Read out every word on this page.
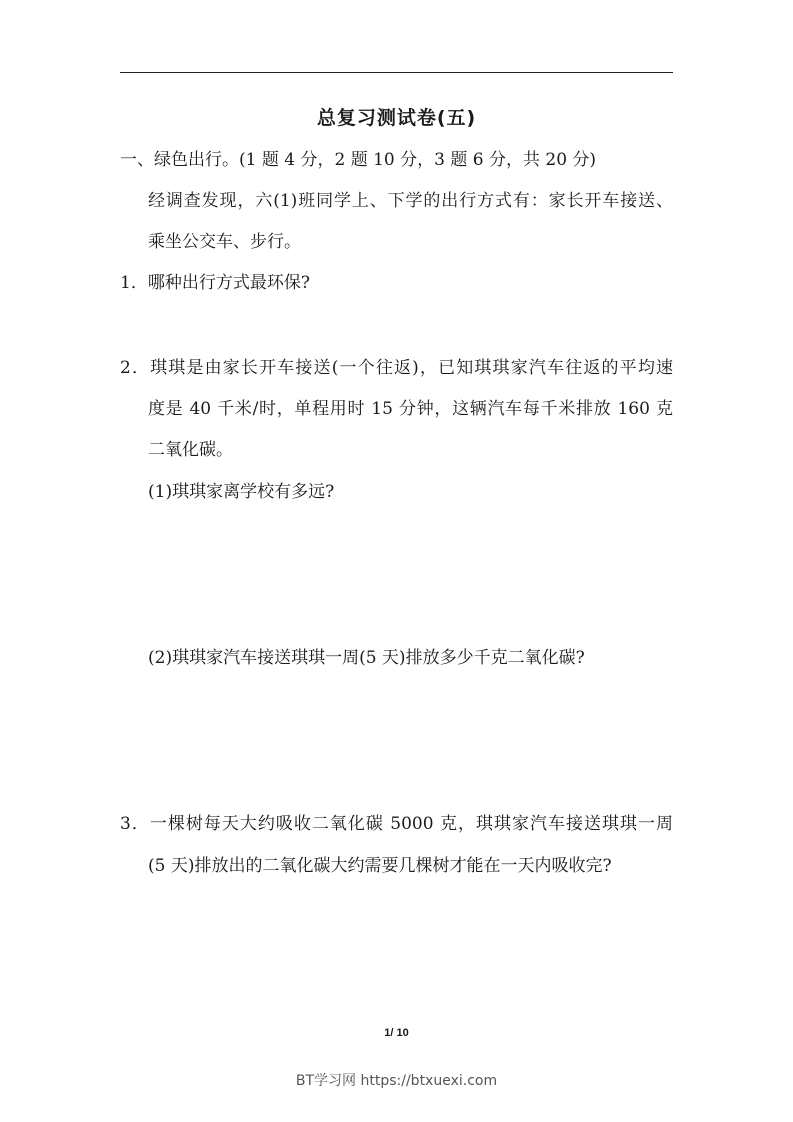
总复习测试卷(五)
一、绿色出行。(1 题 4 分，2 题 10 分，3 题 6 分，共 20 分)
经调查发现，六(1)班同学上、下学的出行方式有：家长开车接送、
乘坐公交车、步行。
1．哪种出行方式最环保?
2．琪琪是由家长开车接送(一个往返)，已知琪琪家汽车往返的平均速
度是 40 千米/时，单程用时 15 分钟，这辆汽车每千米排放 160 克
二氧化碳。
(1)琪琪家离学校有多远?
(2)琪琪家汽车接送琪琪一周(5 天)排放多少千克二氧化碳?
3．一棵树每天大约吸收二氧化碳 5000 克，琪琪家汽车接送琪琪一周
(5 天)排放出的二氧化碳大约需要几棵树才能在一天内吸收完?
1/ 10
BT学习网 https://btxuexi.com
